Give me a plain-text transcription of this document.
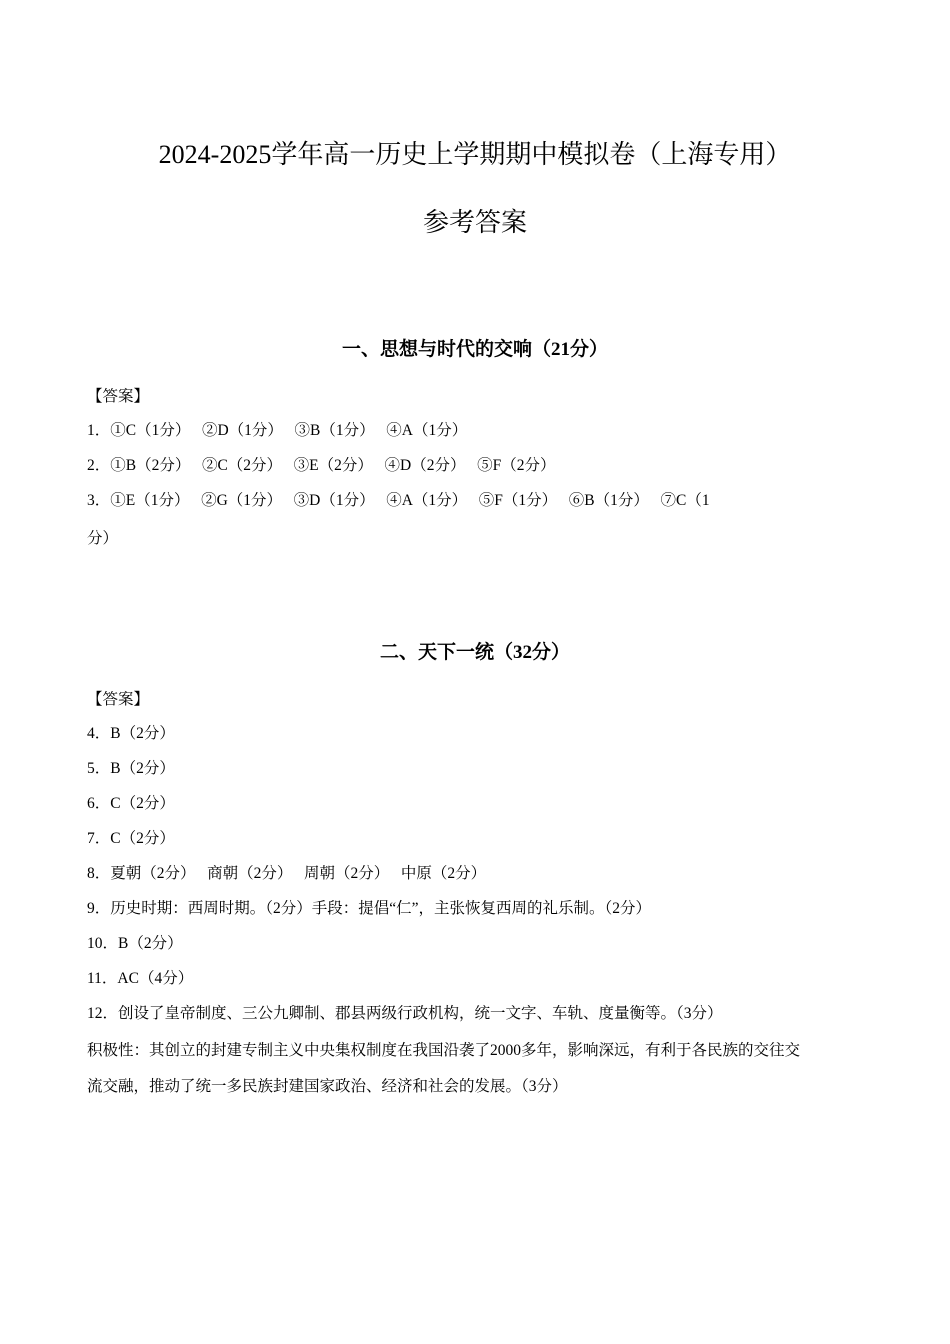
2024-2025学年高一历史上学期期中模拟卷（上海专用）
参考答案
一、思想与时代的交响（21分）
【答案】
1．①C（1分）   ②D（1分）   ③B（1分）   ④A（1分）
2．①B（2分）   ②C（2分）   ③E（2分）   ④D（2分）   ⑤F（2分）
3．①E（1分）   ②G（1分）   ③D（1分）   ④A（1分）   ⑤F（1分）   ⑥B（1分）   ⑦C（1
分）
二、天下一统（32分）
【答案】
4．B（2分）
5．B（2分）
6．C（2分）
7．C（2分）
8．夏朝（2分）   商朝（2分）   周朝（2分）   中原（2分）
9．历史时期：西周时期。（2分）手段：提倡“仁”，主张恢复西周的礼乐制。（2分）
10．B（2分）
11．AC（4分）
12．创设了皇帝制度、三公九卿制、郡县两级行政机构，统一文字、车轨、度量衡等。（3分）
积极性：其创立的封建专制主义中央集权制度在我国沿袭了2000多年，影响深远，有利于各民族的交往交
流交融，推动了统一多民族封建国家政治、经济和社会的发展。（3分）
